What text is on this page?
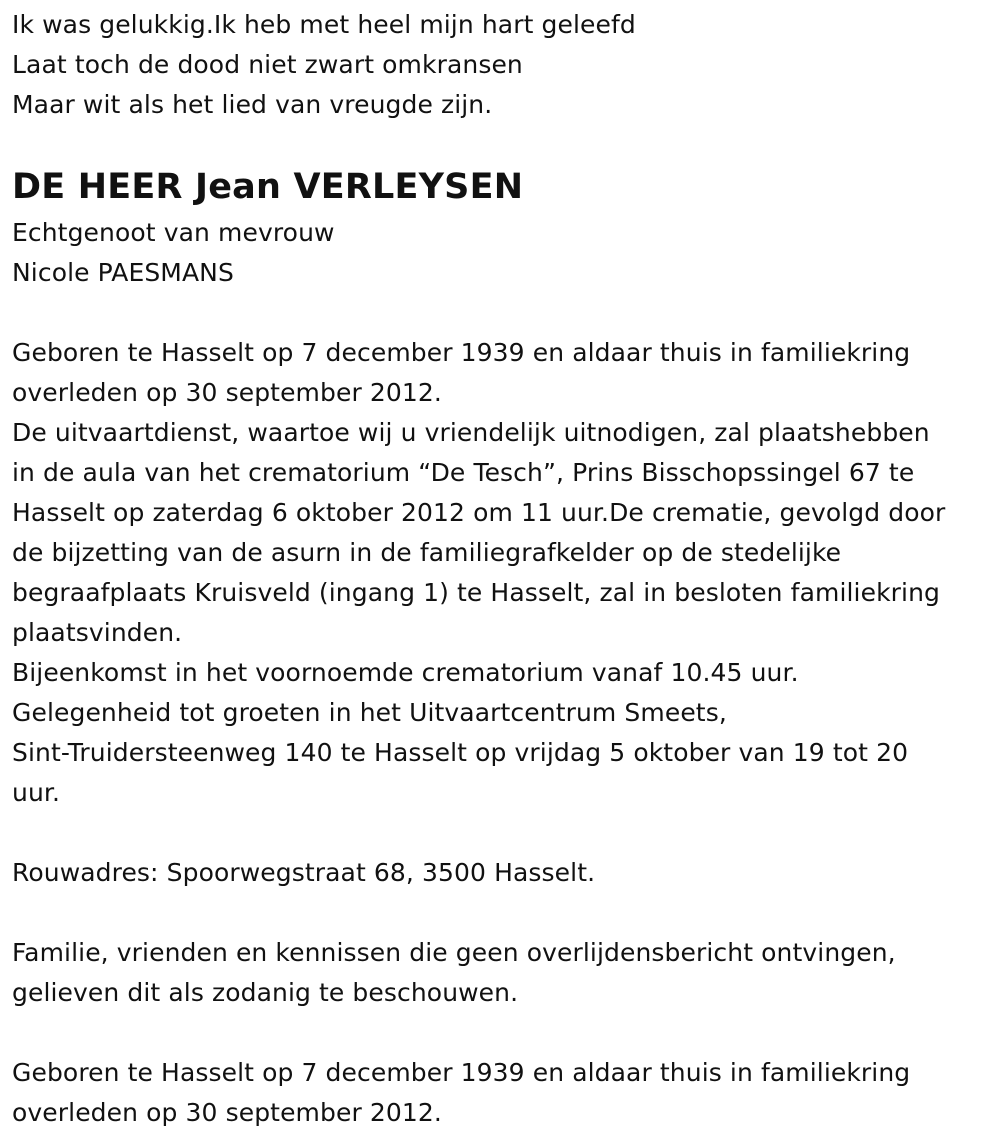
Ik was gelukkig.Ik heb met heel mijn hart geleefd
Laat toch de dood niet zwart omkransen
Maar wit als het lied van vreugde zijn.
DE HEER Jean VERLEYSEN
Echtgenoot van mevrouw
Nicole PAESMANS
Geboren te Hasselt op 7 december 1939 en aldaar thuis in familiekring
overleden op 30 september 2012.
De uitvaartdienst, waartoe wij u vriendelijk uitnodigen, zal plaatshebben
in de aula van het crematorium “De Tesch”, Prins Bisschopssingel 67 te
Hasselt op zaterdag 6 oktober 2012 om 11 uur.De crematie, gevolgd door
de bijzetting van de asurn in de familiegrafkelder op de stedelijke
begraafplaats Kruisveld (ingang 1) te Hasselt, zal in besloten familiekring
plaatsvinden.
Bijeenkomst in het voornoemde crematorium vanaf 10.45 uur.
Gelegenheid tot groeten in het Uitvaartcentrum Smeets,
Sint-Truidersteenweg 140 te Hasselt op vrijdag 5 oktober van 19 tot 20
uur.
Rouwadres: Spoorwegstraat 68, 3500 Hasselt.
Familie, vrienden en kennissen die geen overlijdensbericht ontvingen,
gelieven dit als zodanig te beschouwen.
Geboren te Hasselt op 7 december 1939 en aldaar thuis in familiekring
overleden op 30 september 2012.
